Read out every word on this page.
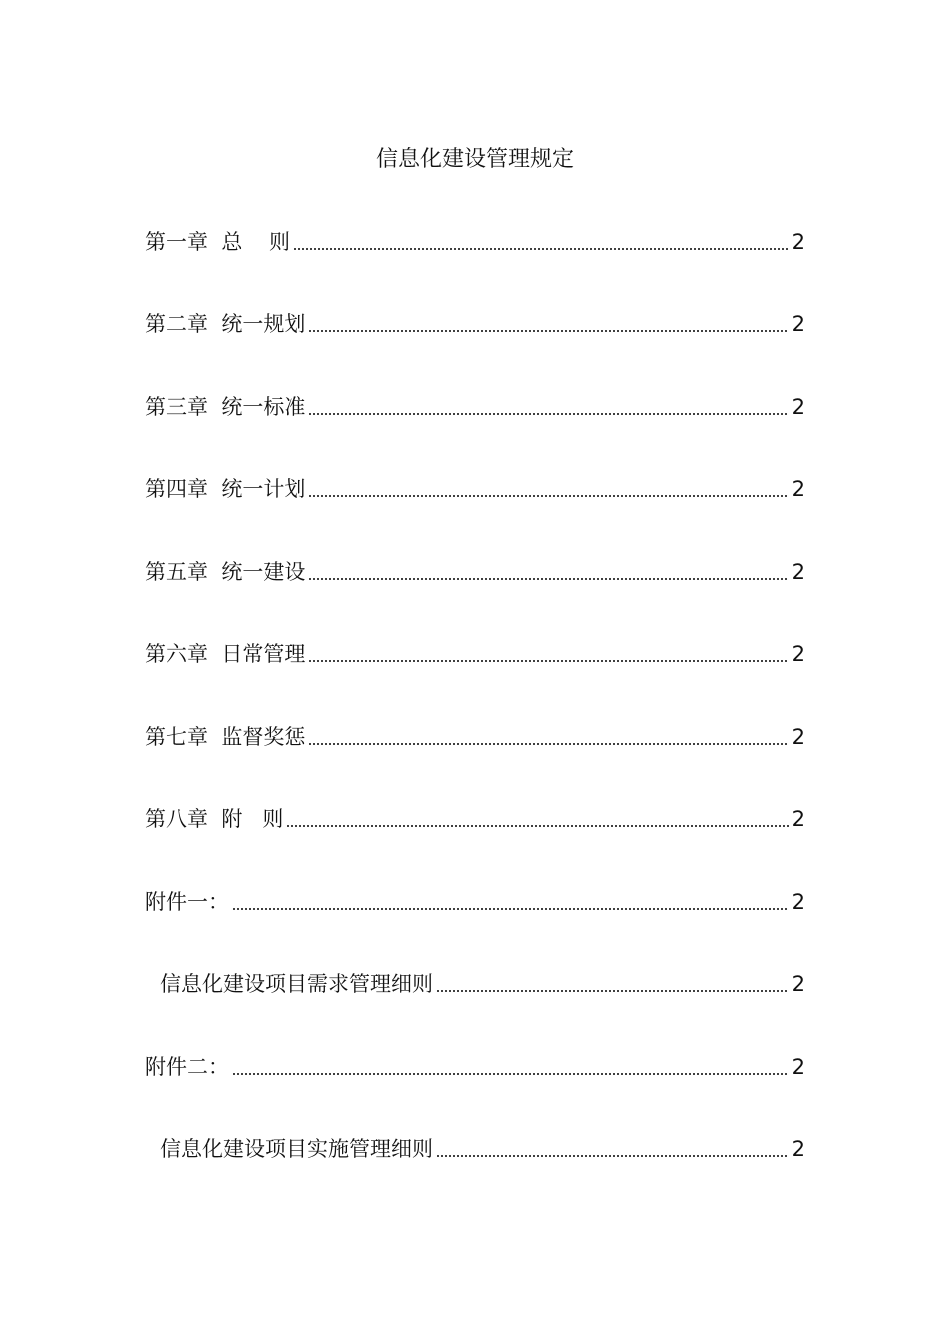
信息化建设管理规定
第一章  总    则	2
第二章  统一规划	2
第三章  统一标准	2
第四章  统一计划	2
第五章  统一建设	2
第六章  日常管理	2
第七章  监督奖惩	2
第八章  附   则	2
附件一：	2
信息化建设项目需求管理细则	2
附件二：	2
信息化建设项目实施管理细则	2
